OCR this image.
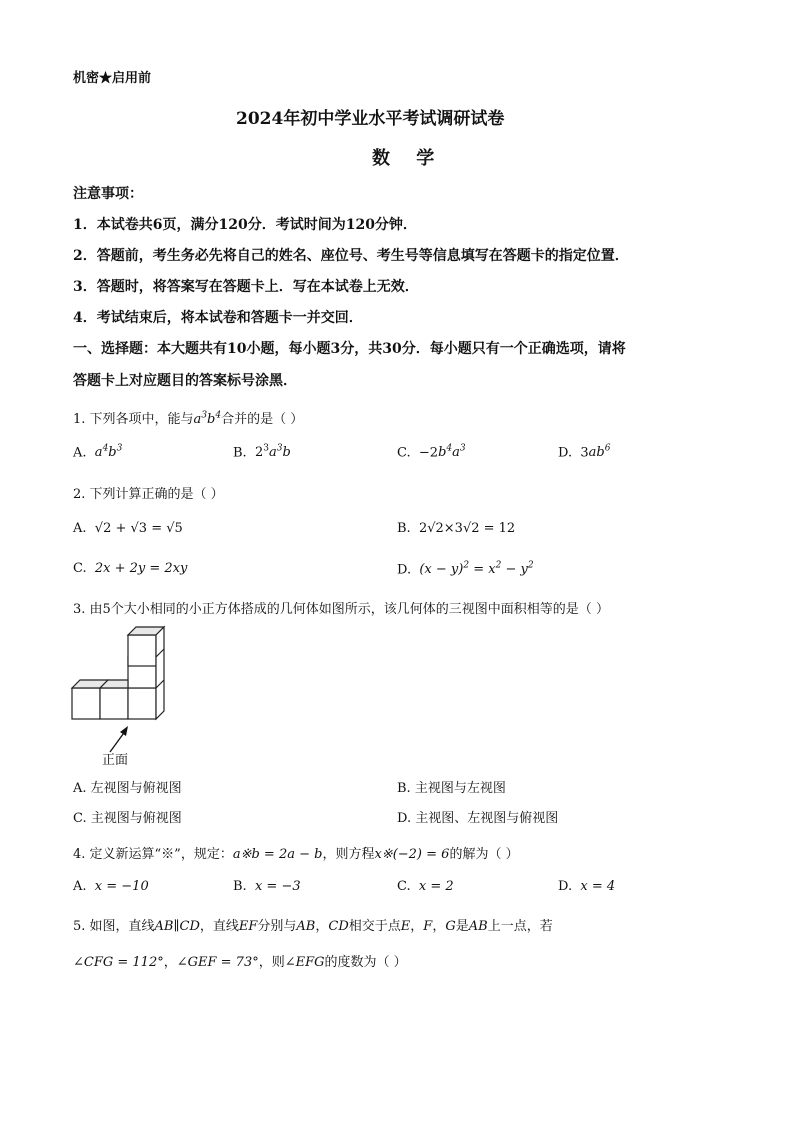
机密★启用前
2024年初中学业水平考试调研试卷
数 学
注意事项：
1．本试卷共6页，满分120分．考试时间为120分钟．
2．答题前，考生务必先将自己的姓名、座位号、考生号等信息填写在答题卡的指定位置．
3．答题时，将答案写在答题卡上．写在本试卷上无效．
4．考试结束后，将本试卷和答题卡一并交回．
一、选择题：本大题共有10小题，每小题3分，共30分．每小题只有一个正确选项，请将
答题卡上对应题目的答案标号涂黑．
1. 下列各项中，能与$a^3b^4$合并的是（ ）
A. $a^4b^3$	B. $2^3a^3b$	C. $-2b^4a^3$	D. $3ab^6$
2. 下列计算正确的是（ ）
A. √2 + √3 = √5	B. 2√2×3√2 = 12
C. 2x + 2y = 2xy	D. $(x - y)^2 = x^2 - y^2$
3. 由5个大小相同的小正方体搭成的几何体如图所示，该几何体的三视图中面积相等的是（ ）
正面
A. 左视图与俯视图	B. 主视图与左视图
C. 主视图与俯视图	D. 主视图、左视图与俯视图
4. 定义新运算“※”，规定：a※b = 2a − b，则方程x※(−2) = 6的解为（ ）
A. x = −10	B. x = −3	C. x = 2	D. x = 4
5. 如图，直线AB∥CD，直线EF分别与AB，CD相交于点E，F，G是AB上一点，若
∠CFG = 112°，∠GEF = 73°，则∠EFG的度数为（ ）
